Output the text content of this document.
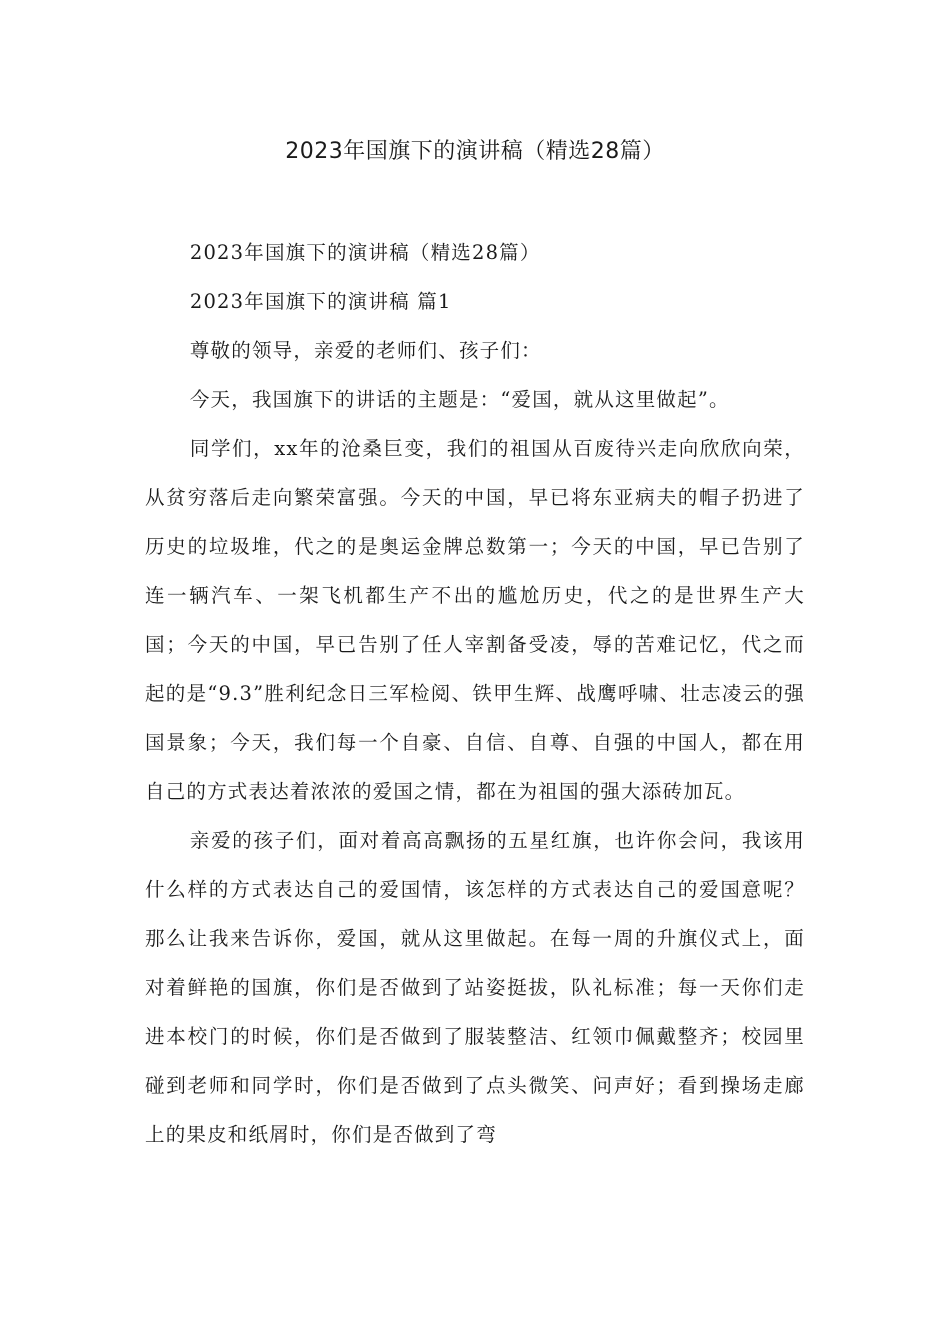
2023年国旗下的演讲稿（精选28篇）

2023年国旗下的演讲稿（精选28篇）

2023年国旗下的演讲稿 篇1

尊敬的领导，亲爱的老师们、孩子们：

今天，我国旗下的讲话的主题是：“爱国，就从这里做起”。

同学们，xx年的沧桑巨变，我们的祖国从百废待兴走向欣欣向荣，从贫穷落后走向繁荣富强。今天的中国，早已将东亚病夫的帽子扔进了历史的垃圾堆，代之的是奥运金牌总数第一；今天的中国，早已告别了连一辆汽车、一架飞机都生产不出的尴尬历史，代之的是世界生产大国；今天的中国，早已告别了任人宰割备受凌，辱的苦难记忆，代之而起的是“9.3”胜利纪念日三军检阅、铁甲生辉、战鹰呼啸、壮志凌云的强国景象；今天，我们每一个自豪、自信、自尊、自强的中国人，都在用自己的方式表达着浓浓的爱国之情，都在为祖国的强大添砖加瓦。

亲爱的孩子们，面对着高高飘扬的五星红旗，也许你会问，我该用什么样的方式表达自己的爱国情，该怎样的方式表达自己的爱国意呢？那么让我来告诉你，爱国，就从这里做起。在每一周的升旗仪式上，面对着鲜艳的国旗，你们是否做到了站姿挺拔，队礼标准；每一天你们走进本校门的时候，你们是否做到了服装整洁、红领巾佩戴整齐；校园里碰到老师和同学时，你们是否做到了点头微笑、问声好；看到操场走廊上的果皮和纸屑时，你们是否做到了弯
